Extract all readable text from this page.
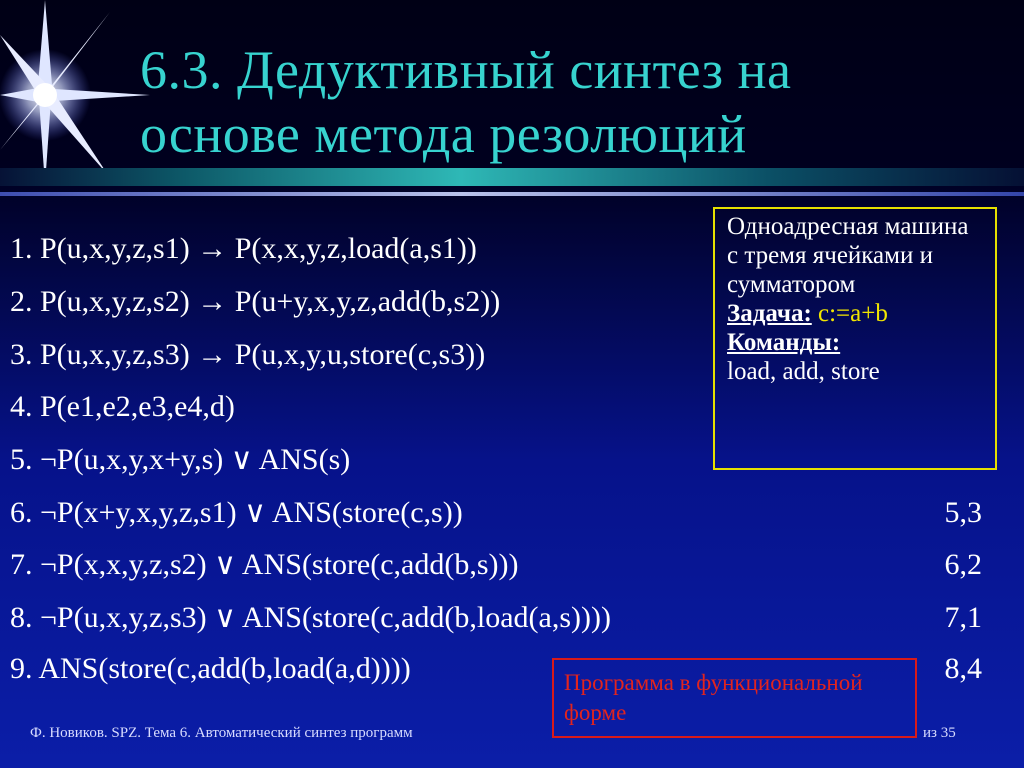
6.3. Дедуктивный синтез на
основе метода резолюций
1. P(u,x,y,z,s1) → P(x,x,y,z,load(a,s1))
2. P(u,x,y,z,s2) → P(u+y,x,y,z,add(b,s2))
3. P(u,x,y,z,s3) → P(u,x,y,u,store(c,s3))
4. P(e1,e2,e3,e4,d)
5. ¬P(u,x,y,x+y,s) ∨ ANS(s)
6. ¬P(x+y,x,y,z,s1) ∨ ANS(store(c,s))	5,3
7. ¬P(x,x,y,z,s2) ∨ ANS(store(c,add(b,s)))	6,2
8. ¬P(u,x,y,z,s3) ∨ ANS(store(c,add(b,load(a,s))))	7,1
9. ANS(store(c,add(b,load(a,d))))	8,4
Одноадресная машина с тремя ячейками и сумматором
Задача: c:=a+b
Команды:
load, add, store
Программа в функциональной форме
Ф. Новиков. SPZ. Тема 6. Автоматический синтез программ	из 35
